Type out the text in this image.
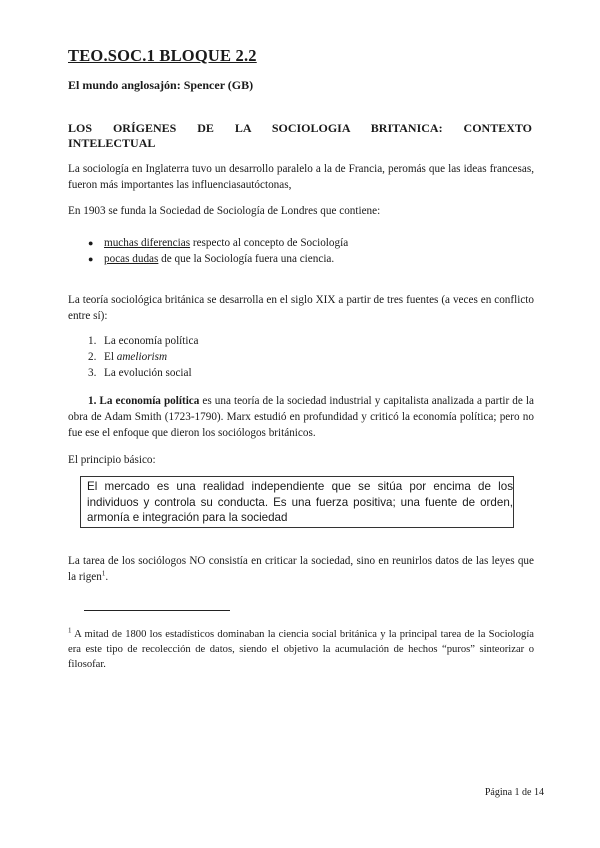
TEO.SOC.1 BLOQUE 2.2
El mundo anglosajón: Spencer (GB)
LOS ORÍGENES DE LA SOCIOLOGIA BRITANICA: CONTEXTO
INTELECTUAL
La sociología en Inglaterra tuvo un desarrollo paralelo a la de Francia, peromás que las ideas francesas, fueron más importantes las influenciasautóctonas,
En 1903 se funda la Sociedad de Sociología de Londres que contiene:
● muchas diferencias respecto al concepto de Sociología
● pocas dudas de que la Sociología fuera una ciencia.
La teoría sociológica británica se desarrolla en el siglo XIX a partir de tres fuentes (a veces en conflicto entre sí):
1. La economía política
2. El ameliorism
3. La evolución social
1. La economía política es una teoría de la sociedad industrial y capitalista analizada a partir de la obra de Adam Smith (1723-1790). Marx estudió en profundidad y criticó la economía política; pero no fue ese el enfoque que dieron los sociólogos británicos.
El principio básico:
El mercado es una realidad independiente que se sitúa por encima de los individuos y controla su conducta. Es una fuerza positiva; una fuente de orden, armonía e integración para la sociedad
La tarea de los sociólogos NO consistía en criticar la sociedad, sino en reunirlos datos de las leyes que la rigen$^1$.
$^1$ A mitad de 1800 los estadísticos dominaban la ciencia social británica y la principal tarea de la Sociología era este tipo de recolección de datos, siendo el objetivo la acumulación de hechos “puros” sinteorizar o filosofar.
Página 1 de 14
